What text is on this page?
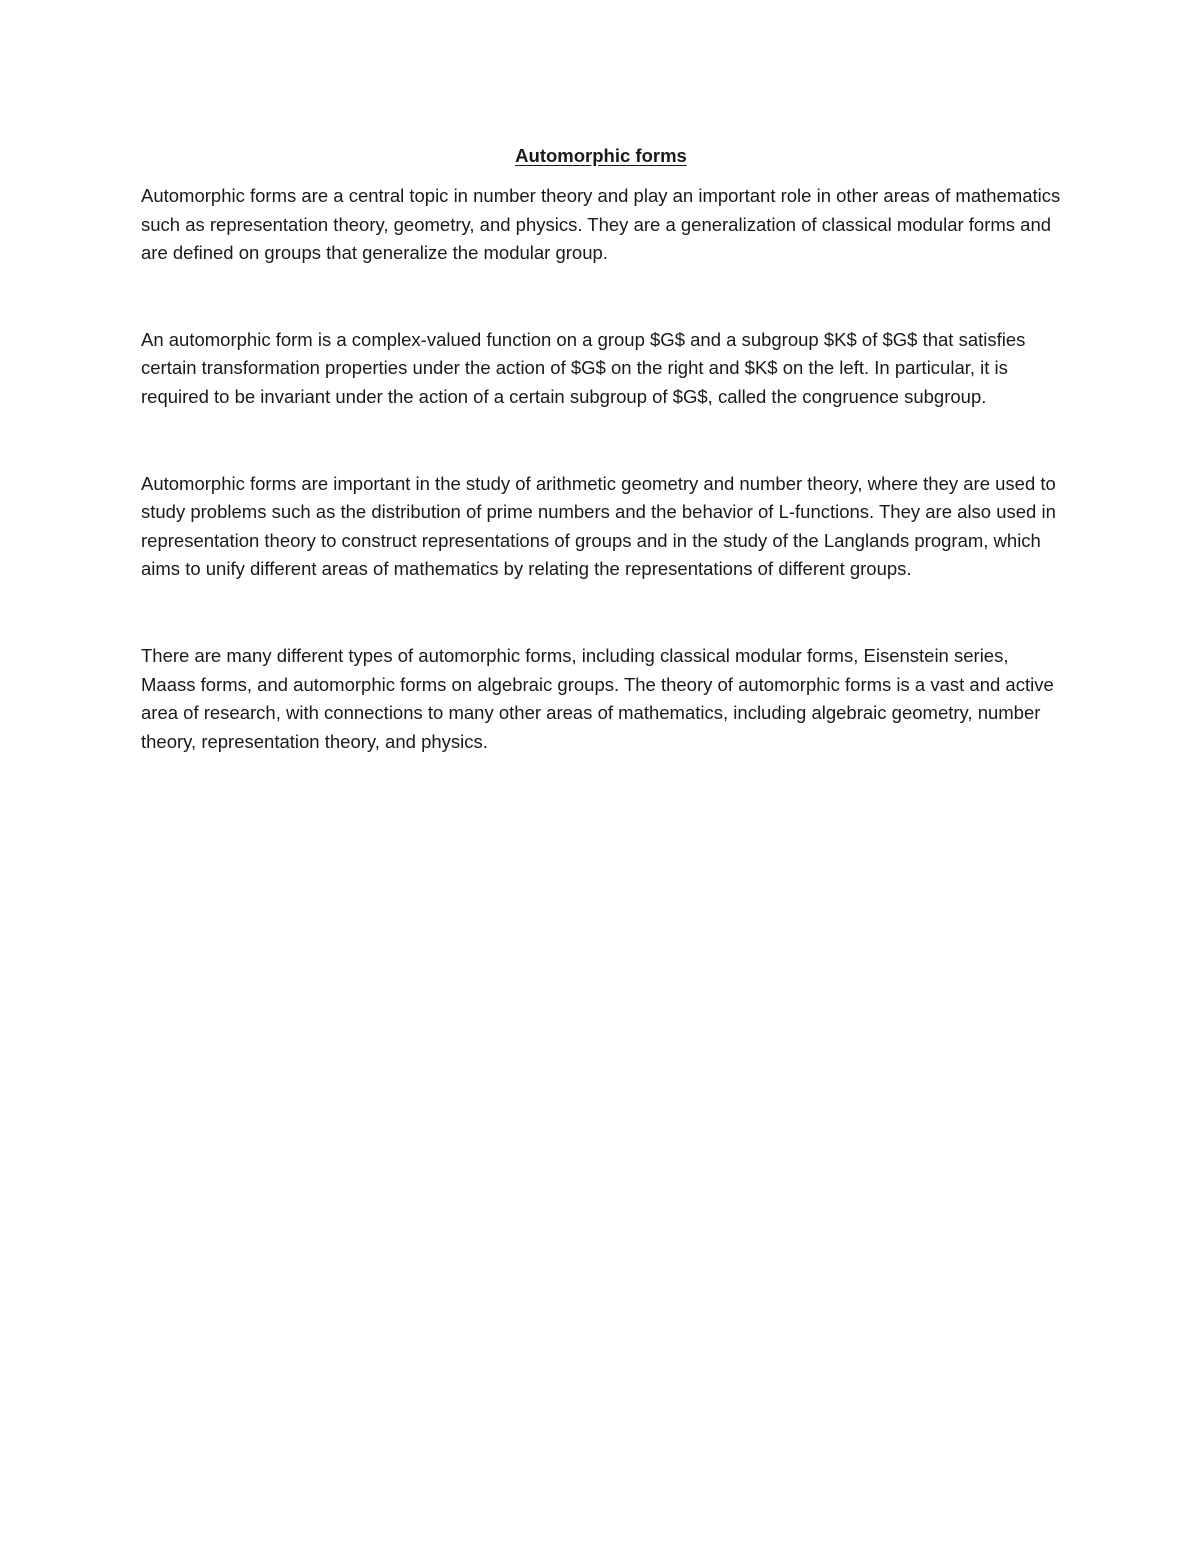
Automorphic forms

Automorphic forms are a central topic in number theory and play an important role in other areas of mathematics such as representation theory, geometry, and physics. They are a generalization of classical modular forms and are defined on groups that generalize the modular group.

An automorphic form is a complex-valued function on a group $G$ and a subgroup $K$ of $G$ that satisfies certain transformation properties under the action of $G$ on the right and $K$ on the left. In particular, it is required to be invariant under the action of a certain subgroup of $G$, called the congruence subgroup.

Automorphic forms are important in the study of arithmetic geometry and number theory, where they are used to study problems such as the distribution of prime numbers and the behavior of L-functions. They are also used in representation theory to construct representations of groups and in the study of the Langlands program, which aims to unify different areas of mathematics by relating the representations of different groups.

There are many different types of automorphic forms, including classical modular forms, Eisenstein series, Maass forms, and automorphic forms on algebraic groups. The theory of automorphic forms is a vast and active area of research, with connections to many other areas of mathematics, including algebraic geometry, number theory, representation theory, and physics.
